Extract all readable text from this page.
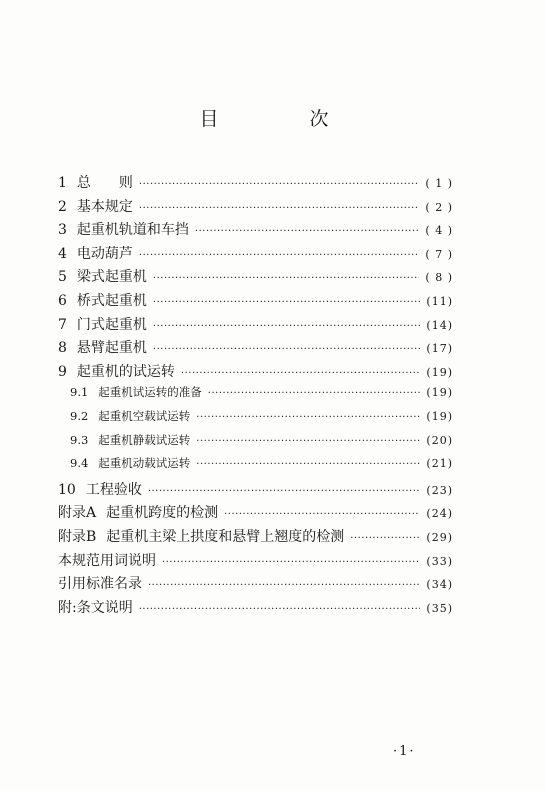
目　次
1 总　　则 ·····	( 1 )
2 基本规定 ·····	( 2 )
3 起重机轨道和车挡 ·····	( 4 )
4 电动葫芦 ·····	( 7 )
5 梁式起重机 ·····	( 8 )
6 桥式起重机 ·····	(11)
7 门式起重机 ·····	(14)
8 悬臂起重机 ·····	(17)
9 起重机的试运转 ·····	(19)
9.1 起重机试运转的准备 ·····	(19)
9.2 起重机空载试运转 ·····	(19)
9.3 起重机静载试运转 ·····	(20)
9.4 起重机动载试运转 ·····	(21)
10 工程验收 ·····	(23)
附录A 起重机跨度的检测 ·····	(24)
附录B 起重机主梁上拱度和悬臂上翘度的检测 ·····	(29)
本规范用词说明 ·····	(33)
引用标准名录 ·····	(34)
附:条文说明 ·····	(35)
·1·
